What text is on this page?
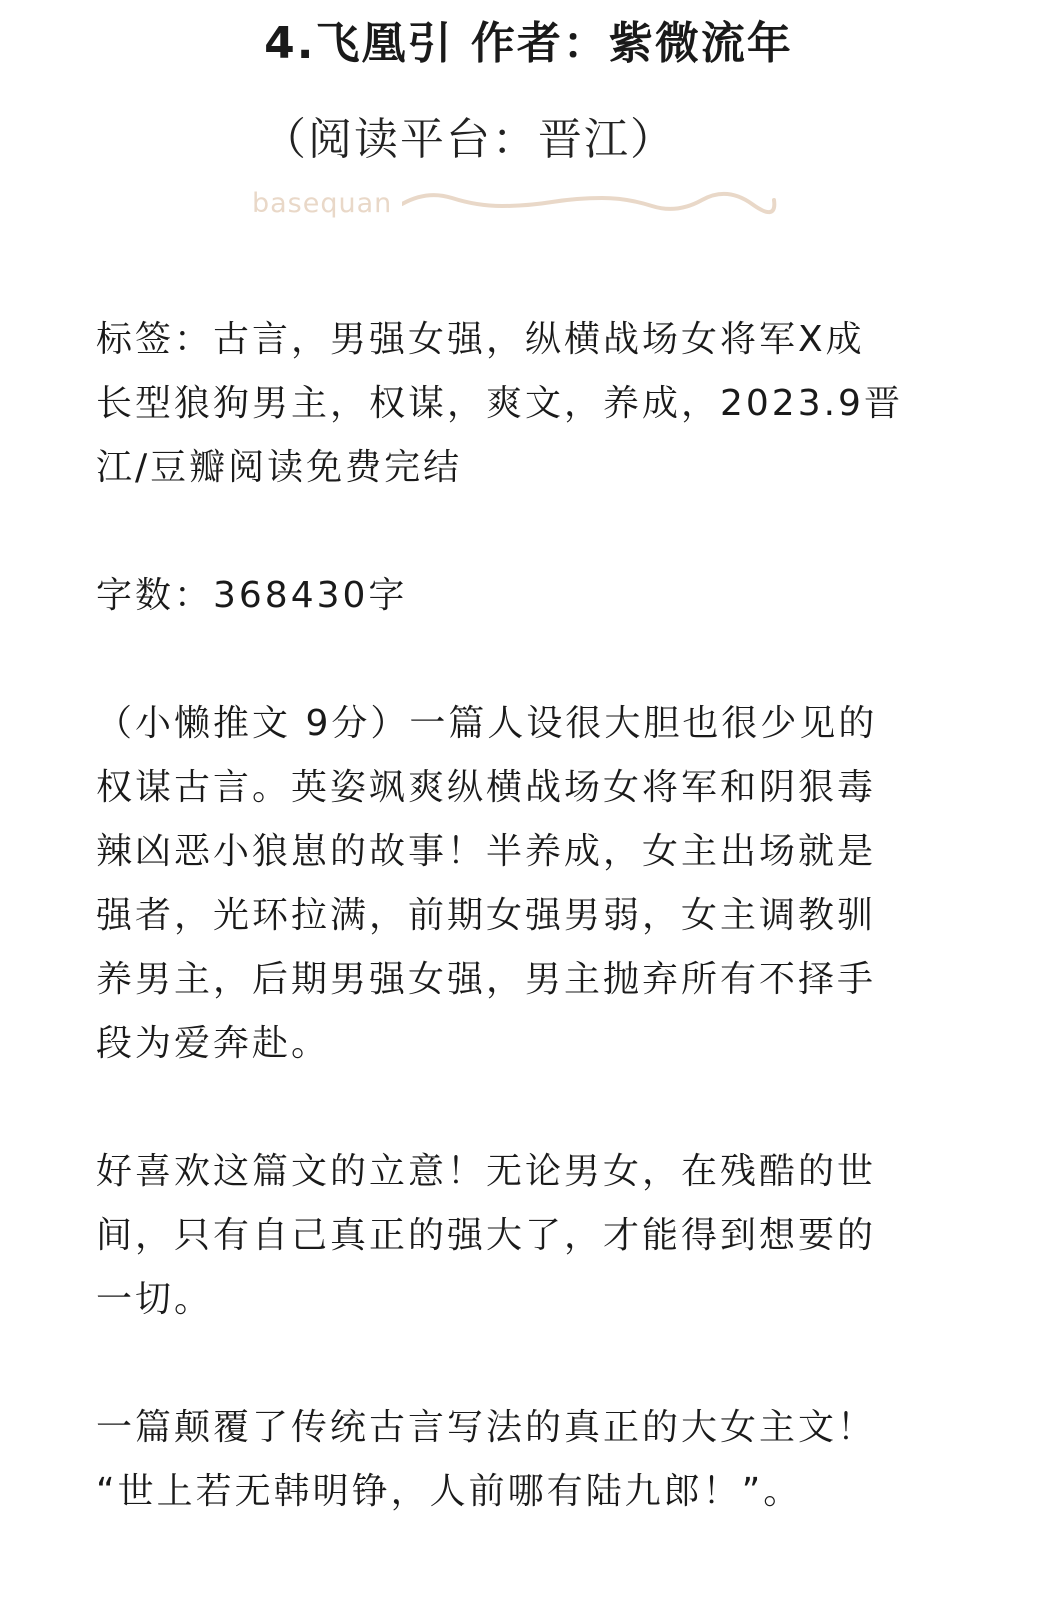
4.飞凰引 作者：紫微流年
（阅读平台：晋江）
basequan

标签：古言，男强女强，纵横战场女将军X成
长型狼狗男主，权谋，爽文，养成，2023.9晋
江/豆瓣阅读免费完结

字数：368430字

（小懒推文 9分）一篇人设很大胆也很少见的
权谋古言。英姿飒爽纵横战场女将军和阴狠毒
辣凶恶小狼崽的故事！半养成，女主出场就是
强者，光环拉满，前期女强男弱，女主调教驯
养男主，后期男强女强，男主抛弃所有不择手
段为爱奔赴。

好喜欢这篇文的立意！无论男女，在残酷的世
间，只有自己真正的强大了，才能得到想要的
一切。

一篇颠覆了传统古言写法的真正的大女主文！
“世上若无韩明铮，人前哪有陆九郎！”。
